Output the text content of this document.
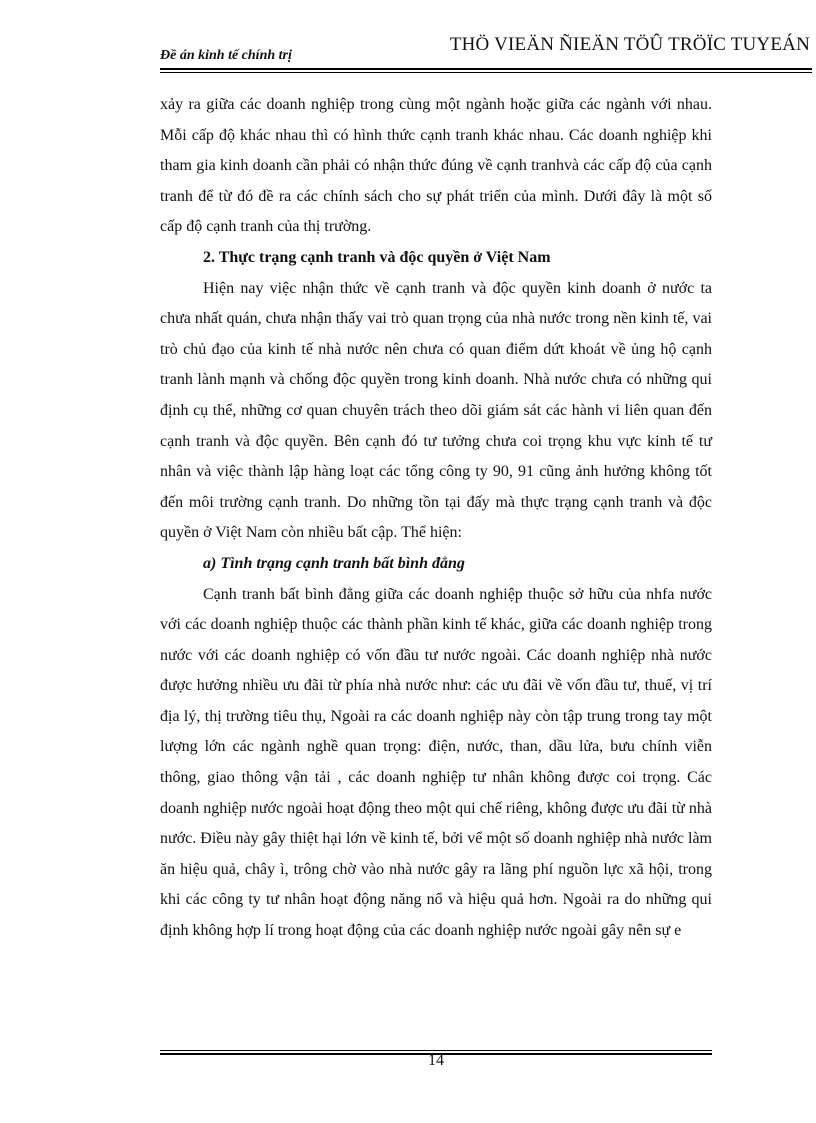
Đề án kinh tế chính trị
THÖ VIEÄN ÑIEÄN TÖÛ TRÖÏC TUYEÁN

xảy ra giữa các doanh nghiệp trong cùng một ngành hoặc giữa các ngành với nhau. Mỗi cấp độ khác nhau thì có hình thức cạnh tranh khác nhau. Các doanh nghiệp khi tham gia kinh doanh cần phải có nhận thức đúng về cạnh tranhvà các cấp độ của cạnh tranh để từ đó đề ra các chính sách cho sự phát triển của mình. Dưới đây là một số cấp độ cạnh tranh của thị trường.

2. Thực trạng cạnh tranh và độc quyền ở Việt Nam

Hiện nay việc nhận thức về cạnh tranh và độc quyền kinh doanh ở nước ta chưa nhất quán, chưa nhận thấy vai trò quan trọng của nhà nước trong nền kinh tế, vai trò chủ đạo của kinh tế nhà nước nên chưa có quan điểm dứt khoát về ủng hộ cạnh tranh lành mạnh và chống độc quyền trong kinh doanh. Nhà nước chưa có những qui định cụ thể, những cơ quan chuyên trách theo dõi giám sát các hành vi liên quan đến cạnh tranh và độc quyền. Bên cạnh đó tư tưởng chưa coi trọng khu vực kinh tế tư nhân và việc thành lập hàng loạt các tổng công ty 90, 91 cũng ảnh hưởng không tốt đến môi trường cạnh tranh. Do những tồn tại đấy mà thực trạng cạnh tranh và độc quyền ở Việt Nam còn nhiều bất cập. Thể hiện:

a) Tình trạng cạnh tranh bất bình đẳng

Cạnh tranh bất bình đẳng giữa các doanh nghiệp thuộc sở hữu của nhfa nước với các doanh nghiệp thuộc các thành phần kinh tế khác, giữa các doanh nghiệp trong nước với các doanh nghiệp có vốn đầu tư nước ngoài. Các doanh nghiệp nhà nước được hưởng nhiều ưu đãi từ phía nhà nước như: các ưu đãi về vốn đầu tư, thuế, vị trí địa lý, thị trường tiêu thụ, Ngoài ra các doanh nghiệp này còn tập trung trong tay một lượng lớn các ngành nghề quan trọng: điện, nước, than, dầu lửa, bưu chính viễn thông, giao thông vận tải , các doanh nghiệp tư nhân không được coi trọng. Các doanh nghiệp nước ngoài hoạt động theo một qui chế riêng, không được ưu đãi từ nhà nước. Điều này gây thiệt hại lớn về kinh tế, bởi vể một số doanh nghiệp nhà nước làm ăn hiệu quả, chây ì, trông chờ vào nhà nước gây ra lãng phí nguồn lực xã hội, trong khi các công ty tư nhân hoạt động năng nổ và hiệu quả hơn. Ngoài ra do những qui định không hợp lí trong hoạt động của các doanh nghiệp nước ngoài gây nên sự e

14
